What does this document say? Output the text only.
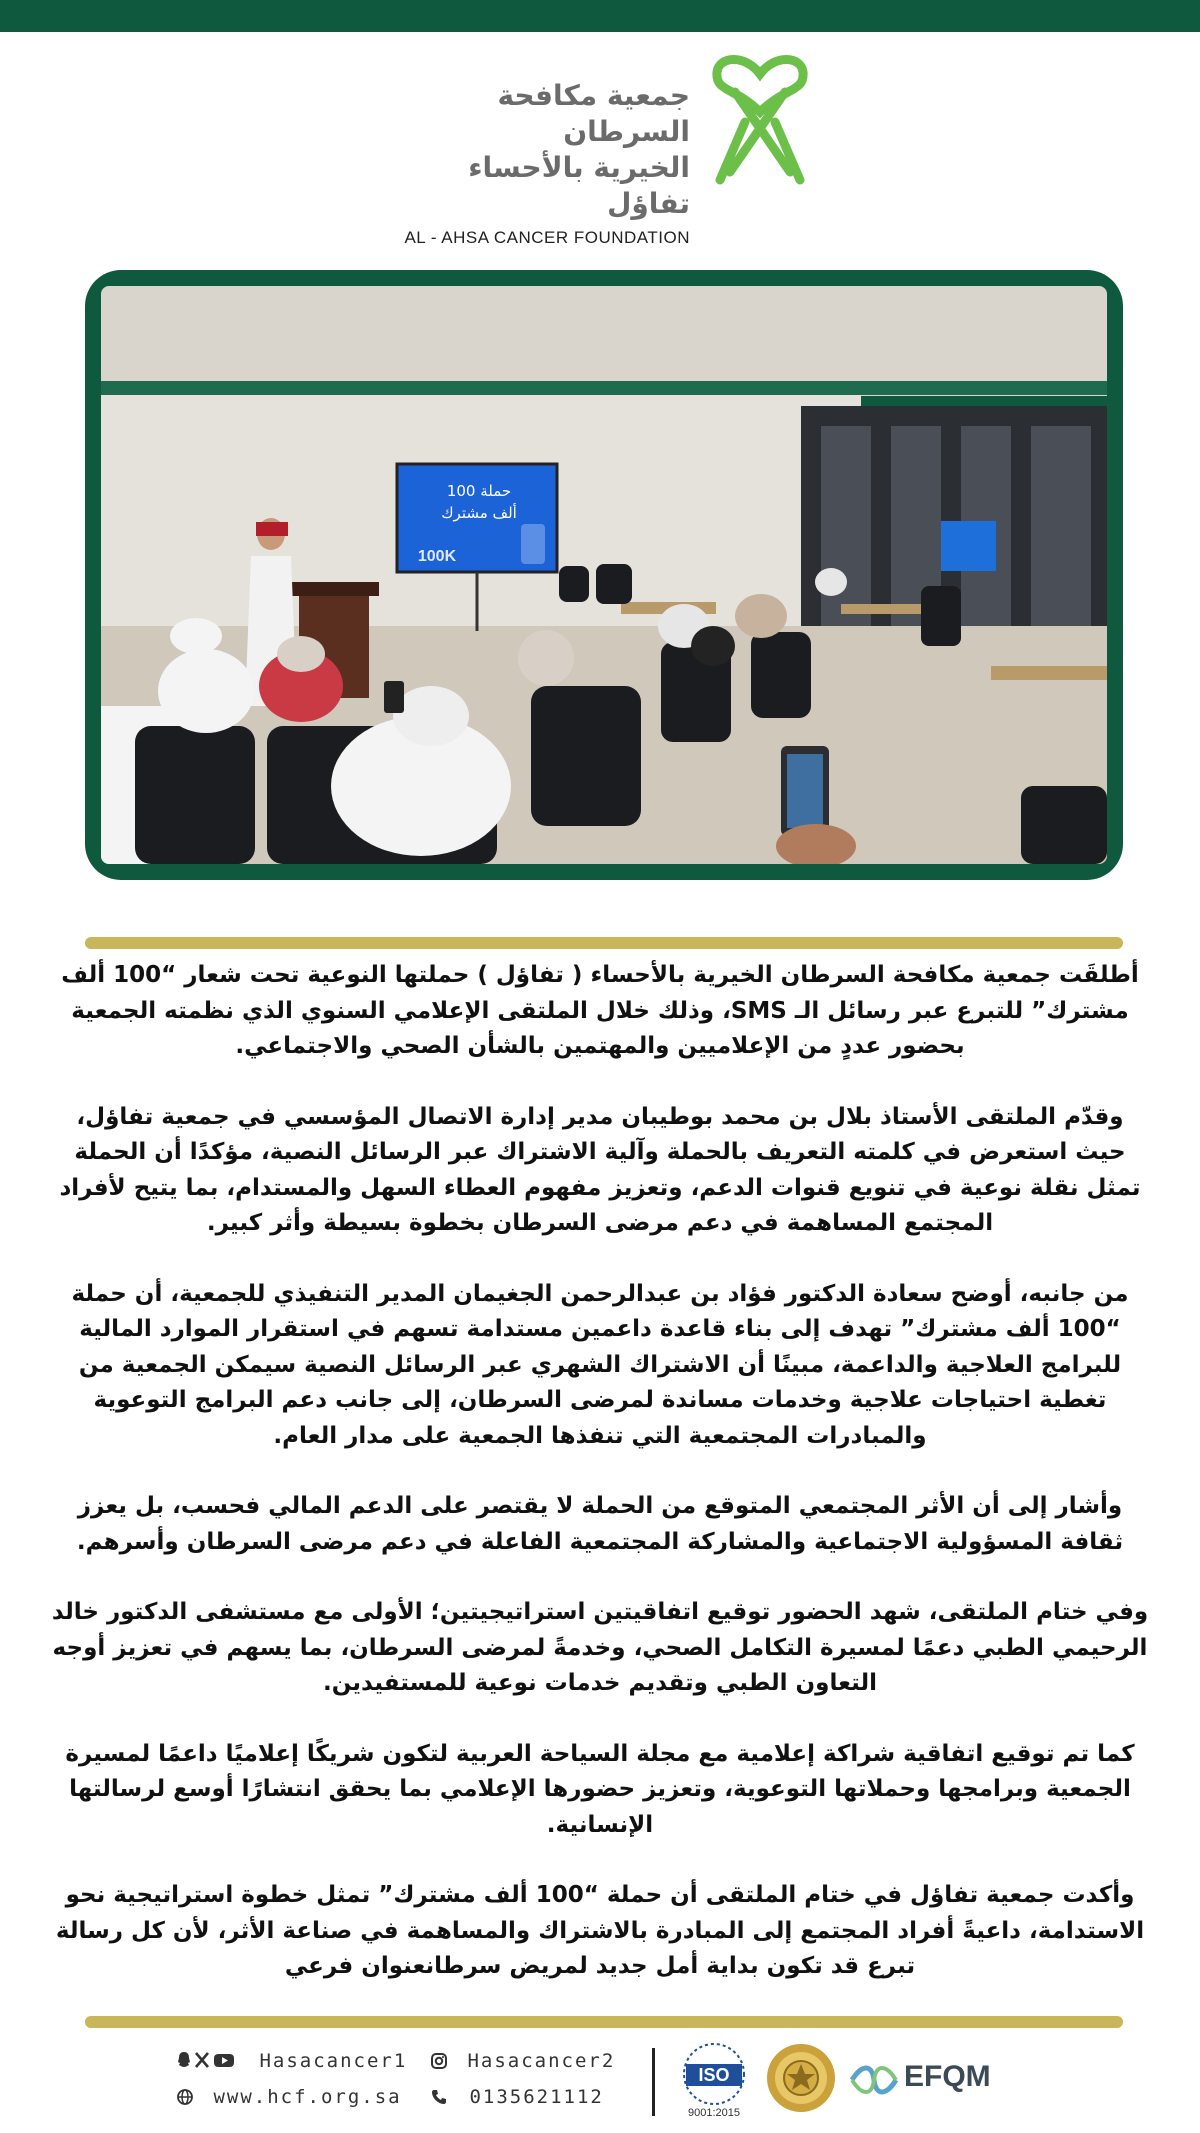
جمعية مكافحة السرطان
الخيرية بالأحساء تفاؤل
AL - AHSA CANCER FOUNDATION
حملة 100
ألف مشترك
100K

أطلقَت جمعية مكافحة السرطان الخيرية بالأحساء ( تفاؤل ) حملتها النوعية تحت شعار “100 ألف مشترك” للتبرع عبر رسائل الـ SMS، وذلك خلال الملتقى الإعلامي السنوي الذي نظمته الجمعية بحضور عددٍ من الإعلاميين والمهتمين بالشأن الصحي والاجتماعي.

وقدّم الملتقى الأستاذ بلال بن محمد بوطيبان مدير إدارة الاتصال المؤسسي في جمعية تفاؤل، حيث استعرض في كلمته التعريف بالحملة وآلية الاشتراك عبر الرسائل النصية، مؤكدًا أن الحملة تمثل نقلة نوعية في تنويع قنوات الدعم، وتعزيز مفهوم العطاء السهل والمستدام، بما يتيح لأفراد المجتمع المساهمة في دعم مرضى السرطان بخطوة بسيطة وأثر كبير.

من جانبه، أوضح سعادة الدكتور فؤاد بن عبدالرحمن الجغيمان المدير التنفيذي للجمعية، أن حملة “100 ألف مشترك” تهدف إلى بناء قاعدة داعمين مستدامة تسهم في استقرار الموارد المالية للبرامج العلاجية والداعمة، مبينًا أن الاشتراك الشهري عبر الرسائل النصية سيمكن الجمعية من تغطية احتياجات علاجية وخدمات مساندة لمرضى السرطان، إلى جانب دعم البرامج التوعوية والمبادرات المجتمعية التي تنفذها الجمعية على مدار العام.

وأشار إلى أن الأثر المجتمعي المتوقع من الحملة لا يقتصر على الدعم المالي فحسب، بل يعزز ثقافة المسؤولية الاجتماعية والمشاركة المجتمعية الفاعلة في دعم مرضى السرطان وأسرهم.

وفي ختام الملتقى، شهد الحضور توقيع اتفاقيتين استراتيجيتين؛ الأولى مع مستشفى الدكتور خالد الرحيمي الطبي دعمًا لمسيرة التكامل الصحي، وخدمةً لمرضى السرطان، بما يسهم في تعزيز أوجه التعاون الطبي وتقديم خدمات نوعية للمستفيدين.

كما تم توقيع اتفاقية شراكة إعلامية مع مجلة السياحة العربية لتكون شريكًا إعلاميًا داعمًا لمسيرة الجمعية وبرامجها وحملاتها التوعوية، وتعزيز حضورها الإعلامي بما يحقق انتشارًا أوسع لرسالتها الإنسانية.

وأكدت جمعية تفاؤل في ختام الملتقى أن حملة “100 ألف مشترك” تمثل خطوة استراتيجية نحو الاستدامة، داعيةً أفراد المجتمع إلى المبادرة بالاشتراك والمساهمة في صناعة الأثر، لأن كل رسالة تبرع قد تكون بداية أمل جديد لمريض سرطانعنوان فرعي

Hasacancer1	Hasacancer2
www.hcf.org.sa	0135621112
ISO
9001:2015
EFQM
